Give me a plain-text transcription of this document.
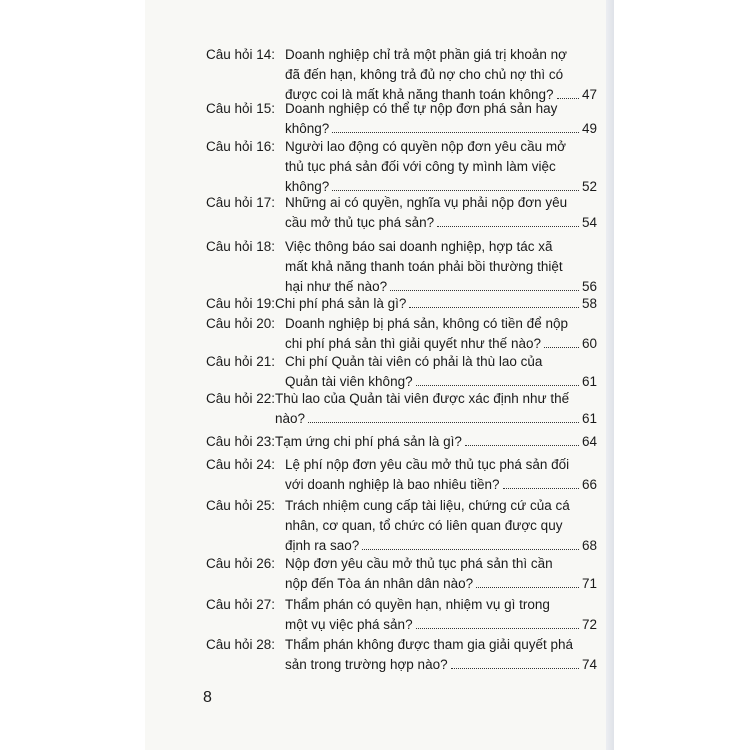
Câu hỏi 14: Doanh nghiệp chỉ trả một phần giá trị khoản nợ
đã đến hạn, không trả đủ nợ cho chủ nợ thì có
được coi là mất khả năng thanh toán không? 47
Câu hỏi 15: Doanh nghiệp có thể tự nộp đơn phá sản hay
không?	49
Câu hỏi 16: Người lao động có quyền nộp đơn yêu cầu mở
thủ tục phá sản đối với công ty mình làm việc
không?	52
Câu hỏi 17: Những ai có quyền, nghĩa vụ phải nộp đơn yêu
cầu mở thủ tục phá sản?	54
Câu hỏi 18: Việc thông báo sai doanh nghiệp, hợp tác xã
mất khả năng thanh toán phải bồi thường thiệt
hại như thế nào?	56
Câu hỏi 19: Chi phí phá sản là gì?	58
Câu hỏi 20: Doanh nghiệp bị phá sản, không có tiền để nộp
chi phí phá sản thì giải quyết như thế nào?	60
Câu hỏi 21: Chi phí Quản tài viên có phải là thù lao của
Quản tài viên không?	61
Câu hỏi 22: Thù lao của Quản tài viên được xác định như thế
nào?	61
Câu hỏi 23: Tạm ứng chi phí phá sản là gì?	64
Câu hỏi 24: Lệ phí nộp đơn yêu cầu mở thủ tục phá sản đối
với doanh nghiệp là bao nhiêu tiền?	66
Câu hỏi 25: Trách nhiệm cung cấp tài liệu, chứng cứ của cá
nhân, cơ quan, tổ chức có liên quan được quy
định ra sao?	68
Câu hỏi 26: Nộp đơn yêu cầu mở thủ tục phá sản thì cần
nộp đến Tòa án nhân dân nào?	71
Câu hỏi 27: Thẩm phán có quyền hạn, nhiệm vụ gì trong
một vụ việc phá sản?	72
Câu hỏi 28: Thẩm phán không được tham gia giải quyết phá
sản trong trường hợp nào?	74
8
